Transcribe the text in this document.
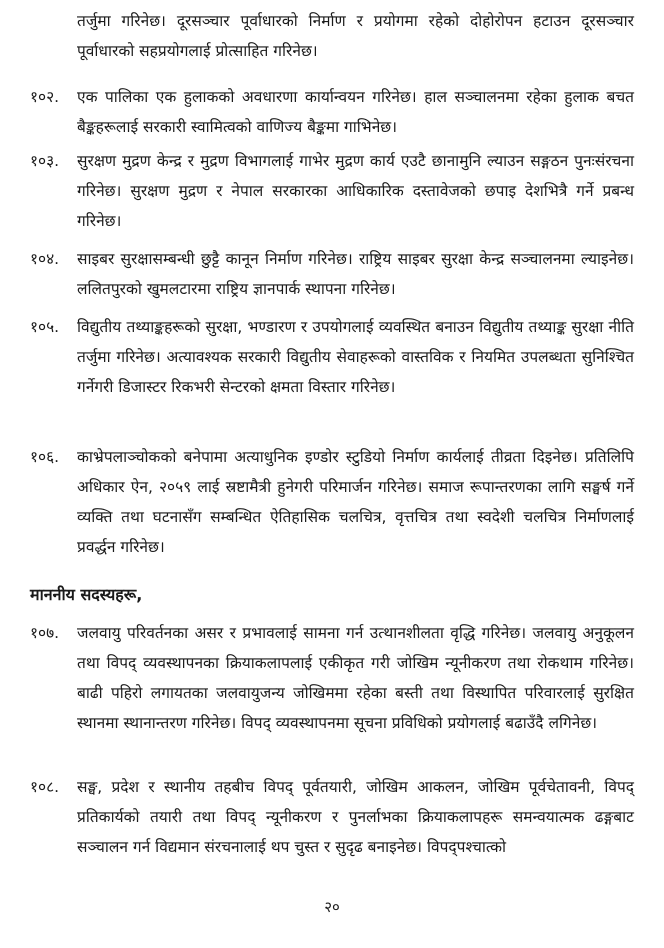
तर्जुमा गरिनेछ। दूरसञ्चार पूर्वाधारको निर्माण र प्रयोगमा रहेको दोहोरोपन हटाउन दूरसञ्चार पूर्वाधारको सहप्रयोगलाई प्रोत्साहित गरिनेछ।
१०२. एक पालिका एक हुलाकको अवधारणा कार्यान्वयन गरिनेछ। हाल सञ्चालनमा रहेका हुलाक बचत बैङ्कहरूलाई सरकारी स्वामित्वको वाणिज्य बैङ्कमा गाभिनेछ।
१०३. सुरक्षण मुद्रण केन्द्र र मुद्रण विभागलाई गाभेर मुद्रण कार्य एउटै छानामुनि ल्याउन सङ्गठन पुनःसंरचना गरिनेछ। सुरक्षण मुद्रण र नेपाल सरकारका आधिकारिक दस्तावेजको छपाइ देशभित्रै गर्ने प्रबन्ध गरिनेछ।
१०४. साइबर सुरक्षासम्बन्धी छुट्टै कानून निर्माण गरिनेछ। राष्ट्रिय साइबर सुरक्षा केन्द्र सञ्चालनमा ल्याइनेछ। ललितपुरको खुमलटारमा राष्ट्रिय ज्ञानपार्क स्थापना गरिनेछ।
१०५. विद्युतीय तथ्याङ्कहरूको सुरक्षा, भण्डारण र उपयोगलाई व्यवस्थित बनाउन विद्युतीय तथ्याङ्क सुरक्षा नीति तर्जुमा गरिनेछ। अत्यावश्यक सरकारी विद्युतीय सेवाहरूको वास्तविक र नियमित उपलब्धता सुनिश्चित गर्नेगरी डिजास्टर रिकभरी सेन्टरको क्षमता विस्तार गरिनेछ।
१०६. काभ्रेपलाञ्चोकको बनेपामा अत्याधुनिक इण्डोर स्टुडियो निर्माण कार्यलाई तीव्रता दिइनेछ। प्रतिलिपि अधिकार ऐन, २०५९ लाई स्रष्टामैत्री हुनेगरी परिमार्जन गरिनेछ। समाज रूपान्तरणका लागि सङ्घर्ष गर्ने व्यक्ति तथा घटनासँग सम्बन्धित ऐतिहासिक चलचित्र, वृत्तचित्र तथा स्वदेशी चलचित्र निर्माणलाई प्रवर्द्धन गरिनेछ।
माननीय सदस्यहरू,
१०७. जलवायु परिवर्तनका असर र प्रभावलाई सामना गर्न उत्थानशीलता वृद्धि गरिनेछ। जलवायु अनुकूलन तथा विपद् व्यवस्थापनका क्रियाकलापलाई एकीकृत गरी जोखिम न्यूनीकरण तथा रोकथाम गरिनेछ। बाढी पहिरो लगायतका जलवायुजन्य जोखिममा रहेका बस्ती तथा विस्थापित परिवारलाई सुरक्षित स्थानमा स्थानान्तरण गरिनेछ। विपद् व्यवस्थापनमा सूचना प्रविधिको प्रयोगलाई बढाउँदै लगिनेछ।
१०८. सङ्घ, प्रदेश र स्थानीय तहबीच विपद् पूर्वतयारी, जोखिम आकलन, जोखिम पूर्वचेतावनी, विपद् प्रतिकार्यको तयारी तथा विपद् न्यूनीकरण र पुनर्लाभका क्रियाकलापहरू समन्वयात्मक ढङ्गबाट सञ्चालन गर्न विद्यमान संरचनालाई थप चुस्त र सुदृढ बनाइनेछ। विपद्पश्चात्को
२०
